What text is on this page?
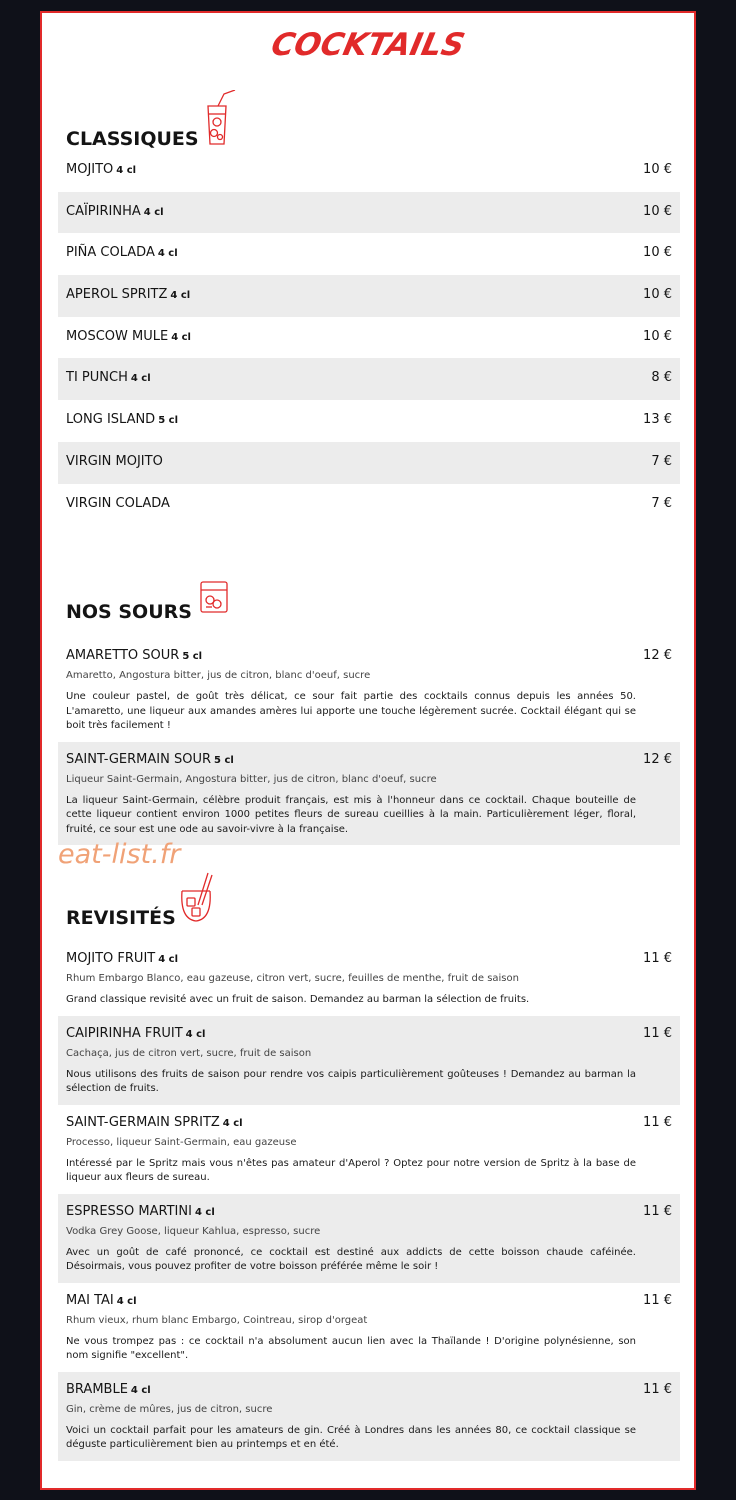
COCKTAILS
CLASSIQUES
MOJITO 4 cl	10 €
CAÏPIRINHA 4 cl	10 €
PIÑA COLADA 4 cl	10 €
APEROL SPRITZ 4 cl	10 €
MOSCOW MULE 4 cl	10 €
TI PUNCH 4 cl	8 €
LONG ISLAND 5 cl	13 €
VIRGIN MOJITO	7 €
VIRGIN COLADA	7 €
NOS SOURS
AMARETTO SOUR 5 cl	12 €
Amaretto, Angostura bitter, jus de citron, blanc d'oeuf, sucre
Une couleur pastel, de goût très délicat, ce sour fait partie des cocktails connus depuis les années 50. L'amaretto, une liqueur aux amandes amères lui apporte une touche légèrement sucrée. Cocktail élégant qui se boit très facilement !
SAINT-GERMAIN SOUR 5 cl	12 €
Liqueur Saint-Germain, Angostura bitter, jus de citron, blanc d'oeuf, sucre
La liqueur Saint-Germain, célèbre produit français, est mis à l'honneur dans ce cocktail. Chaque bouteille de cette liqueur contient environ 1000 petites fleurs de sureau cueillies à la main. Particulièrement léger, floral, fruité, ce sour est une ode au savoir-vivre à la française.
eat-list.fr
REVISITÉS
MOJITO FRUIT 4 cl	11 €
Rhum Embargo Blanco, eau gazeuse, citron vert, sucre, feuilles de menthe, fruit de saison
Grand classique revisité avec un fruit de saison. Demandez au barman la sélection de fruits.
CAIPIRINHA FRUIT 4 cl	11 €
Cachaça, jus de citron vert, sucre, fruit de saison
Nous utilisons des fruits de saison pour rendre vos caipis particulièrement goûteuses ! Demandez au barman la sélection de fruits.
SAINT-GERMAIN SPRITZ 4 cl	11 €
Processo, liqueur Saint-Germain, eau gazeuse
Intéressé par le Spritz mais vous n'êtes pas amateur d'Aperol ? Optez pour notre version de Spritz à la base de liqueur aux fleurs de sureau.
ESPRESSO MARTINI 4 cl	11 €
Vodka Grey Goose, liqueur Kahlua, espresso, sucre
Avec un goût de café prononcé, ce cocktail est destiné aux addicts de cette boisson chaude caféinée. Désoirmais, vous pouvez profiter de votre boisson préférée même le soir !
MAI TAI 4 cl	11 €
Rhum vieux, rhum blanc Embargo, Cointreau, sirop d'orgeat
Ne vous trompez pas : ce cocktail n'a absolument aucun lien avec la Thaïlande ! D'origine polynésienne, son nom signifie "excellent".
BRAMBLE 4 cl	11 €
Gin, crème de mûres, jus de citron, sucre
Voici un cocktail parfait pour les amateurs de gin. Créé à Londres dans les années 80, ce cocktail classique se déguste particulièrement bien au printemps et en été.
